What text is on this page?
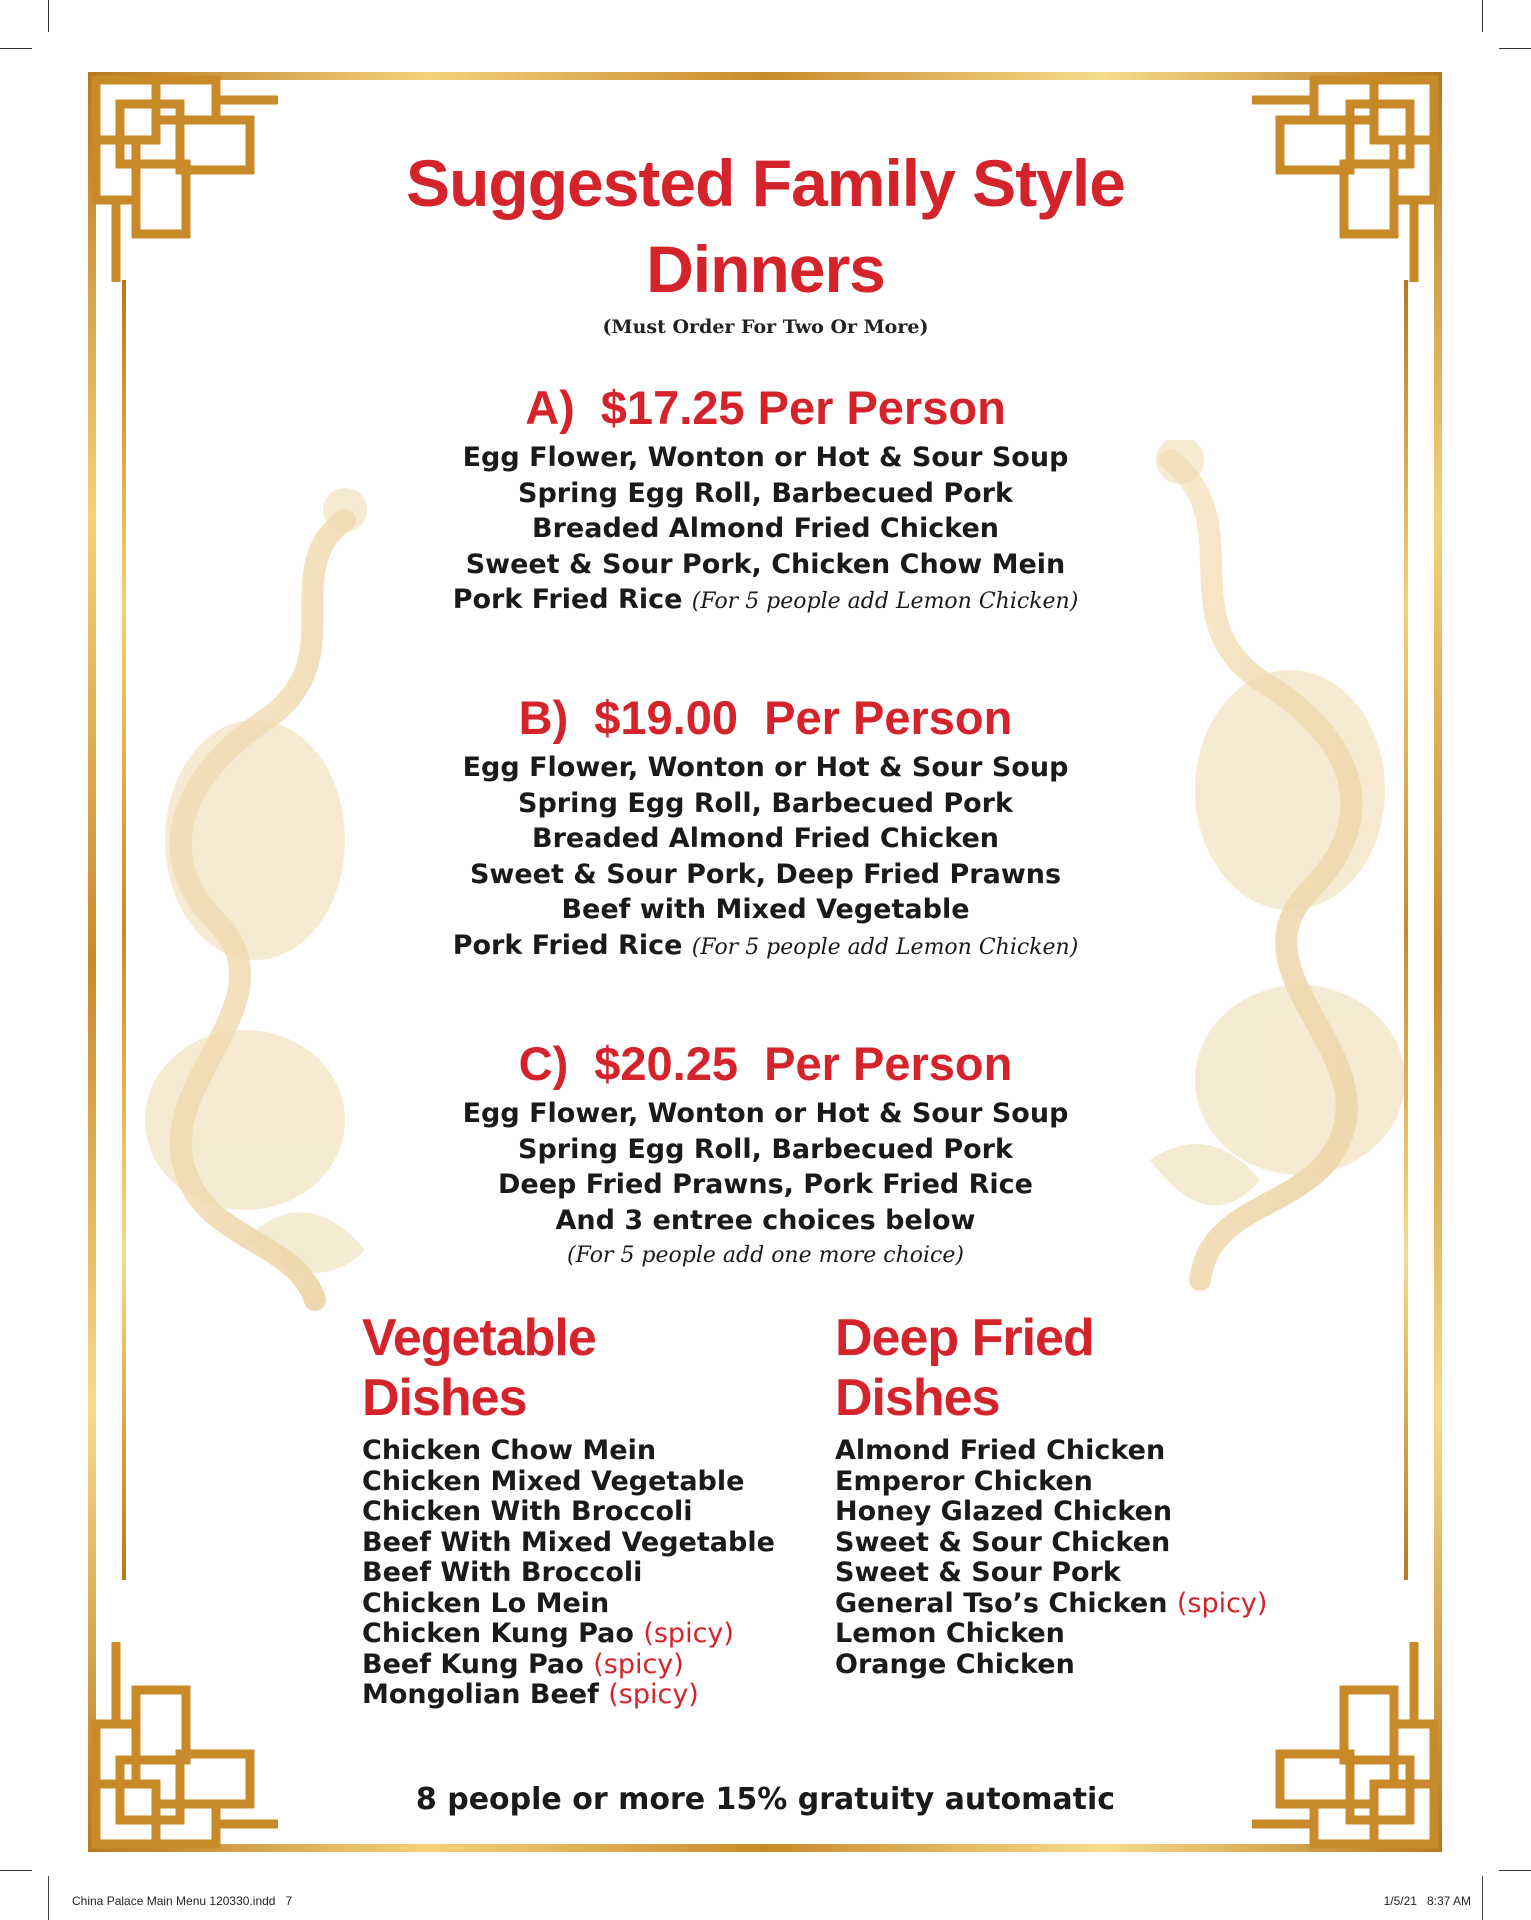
Suggested Family Style
Dinners
(Must Order For Two Or More)
A) $17.25 Per Person
Egg Flower, Wonton or Hot & Sour Soup
Spring Egg Roll, Barbecued Pork
Breaded Almond Fried Chicken
Sweet & Sour Pork, Chicken Chow Mein
Pork Fried Rice (For 5 people add Lemon Chicken)
B) $19.00  Per Person
Egg Flower, Wonton or Hot & Sour Soup
Spring Egg Roll, Barbecued Pork
Breaded Almond Fried Chicken
Sweet & Sour Pork, Deep Fried Prawns
Beef with Mixed Vegetable
Pork Fried Rice (For 5 people add Lemon Chicken)
C) $20.25  Per Person
Egg Flower, Wonton or Hot & Sour Soup
Spring Egg Roll, Barbecued Pork
Deep Fried Prawns, Pork Fried Rice
And 3 entree choices below
(For 5 people add one more choice)
Vegetable
Dishes
Chicken Chow Mein
Chicken Mixed Vegetable
Chicken With Broccoli
Beef With Mixed Vegetable
Beef With Broccoli
Chicken Lo Mein
Chicken Kung Pao (spicy)
Beef Kung Pao (spicy)
Mongolian Beef (spicy)
Deep Fried
Dishes
Almond Fried Chicken
Emperor Chicken
Honey Glazed Chicken
Sweet & Sour Chicken
Sweet & Sour Pork
General Tso’s Chicken (spicy)
Lemon Chicken
Orange Chicken
8 people or more 15% gratuity automatic
China Palace Main Menu 120330.indd   7	1/5/21   8:37 AM
